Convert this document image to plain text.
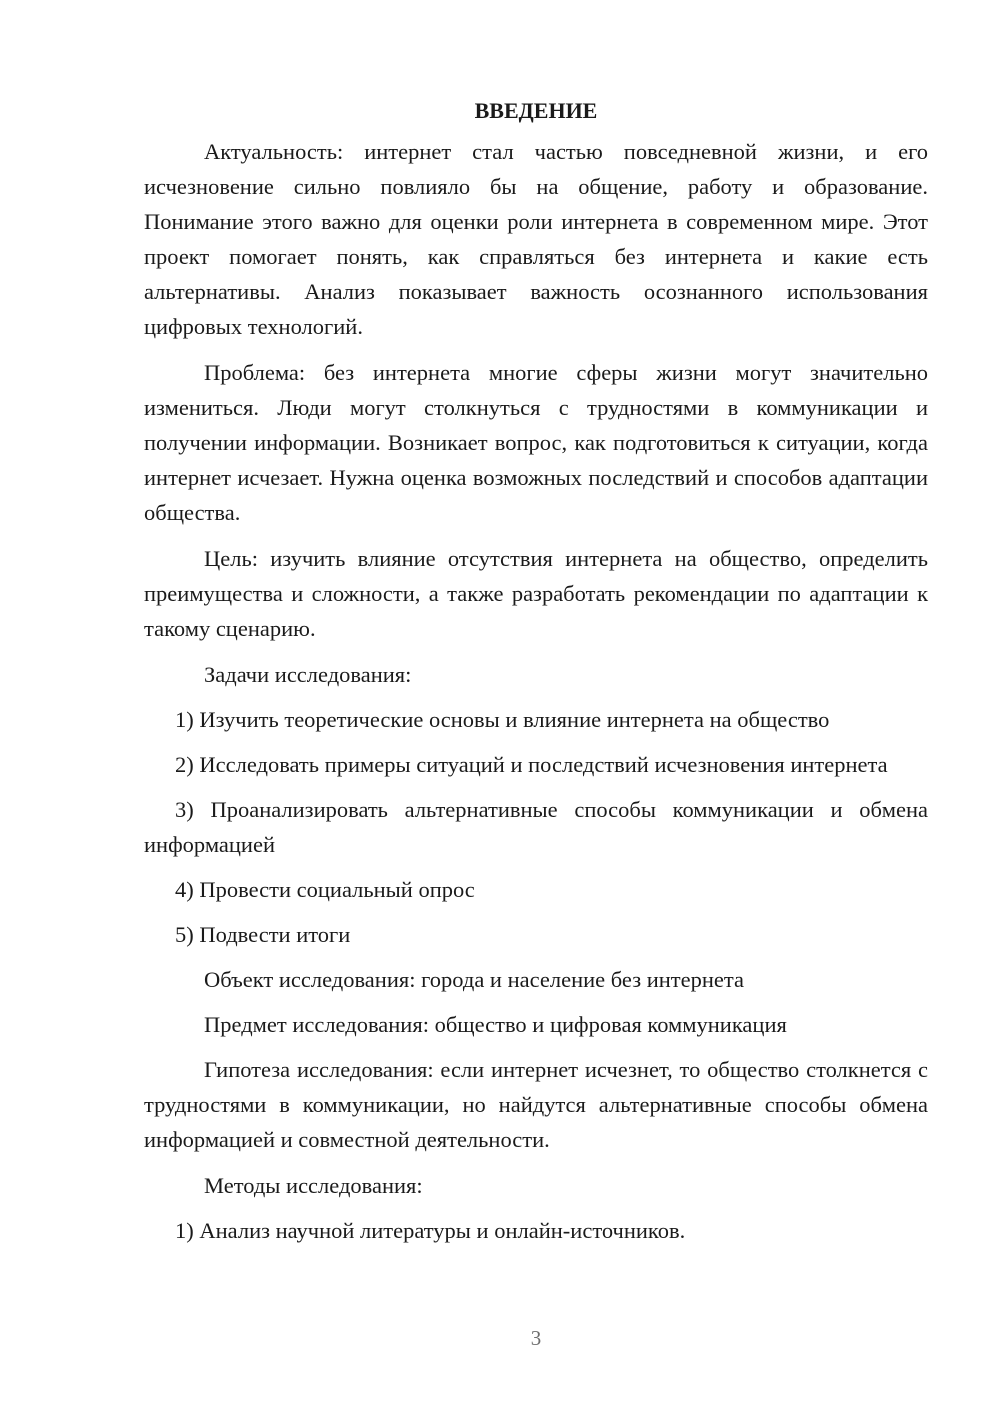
ВВЕДЕНИЕ

Актуальность: интернет стал частью повседневной жизни, и его исчезновение сильно повлияло бы на общение, работу и образование. Понимание этого важно для оценки роли интернета в современном мире. Этот проект помогает понять, как справляться без интернета и какие есть альтернативы. Анализ показывает важность осознанного использования цифровых технологий.

Проблема: без интернета многие сферы жизни могут значительно измениться. Люди могут столкнуться с трудностями в коммуникации и получении информации. Возникает вопрос, как подготовиться к ситуации, когда интернет исчезает. Нужна оценка возможных последствий и способов адаптации общества.

Цель: изучить влияние отсутствия интернета на общество, определить преимущества и сложности, а также разработать рекомендации по адаптации к такому сценарию.

Задачи исследования:

1) Изучить теоретические основы и влияние интернета на общество

2) Исследовать примеры ситуаций и последствий исчезновения интернета

3) Проанализировать альтернативные способы коммуникации и обмена информацией

4) Провести социальный опрос

5) Подвести итоги

Объект исследования: города и население без интернета

Предмет исследования: общество и цифровая коммуникация

Гипотеза исследования: если интернет исчезнет, то общество столкнется с трудностями в коммуникации, но найдутся альтернативные способы обмена информацией и совместной деятельности.

Методы исследования:

1) Анализ научной литературы и онлайн-источников.

3
